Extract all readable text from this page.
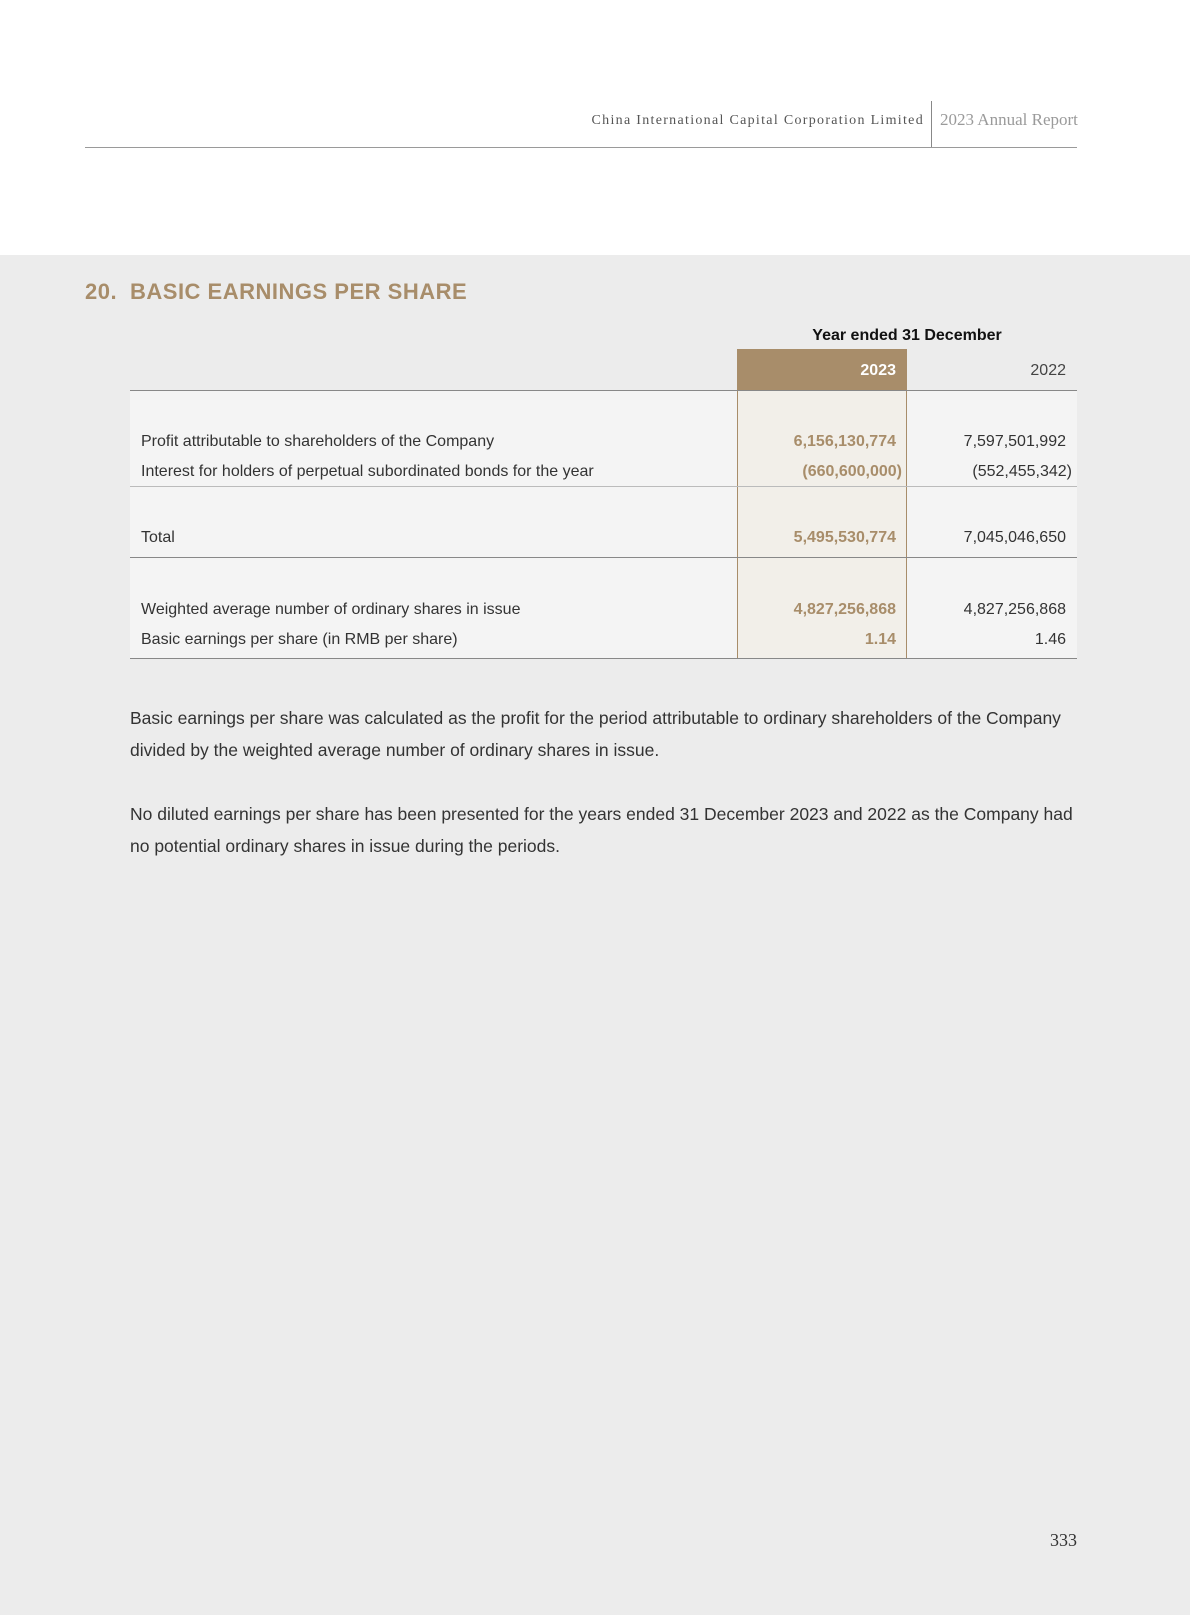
China International Capital Corporation Limited 2023 Annual Report
20. BASIC EARNINGS PER SHARE
Year ended 31 December
2023	2022
Profit attributable to shareholders of the Company	6,156,130,774	7,597,501,992
Interest for holders of perpetual subordinated bonds for the year	(660,600,000)	(552,455,342)
Total	5,495,530,774	7,045,046,650
Weighted average number of ordinary shares in issue	4,827,256,868	4,827,256,868
Basic earnings per share (in RMB per share)	1.14	1.46

Basic earnings per share was calculated as the profit for the period attributable to ordinary shareholders of the Company divided by the weighted average number of ordinary shares in issue.

No diluted earnings per share has been presented for the years ended 31 December 2023 and 2022 as the Company had no potential ordinary shares in issue during the periods.

333
